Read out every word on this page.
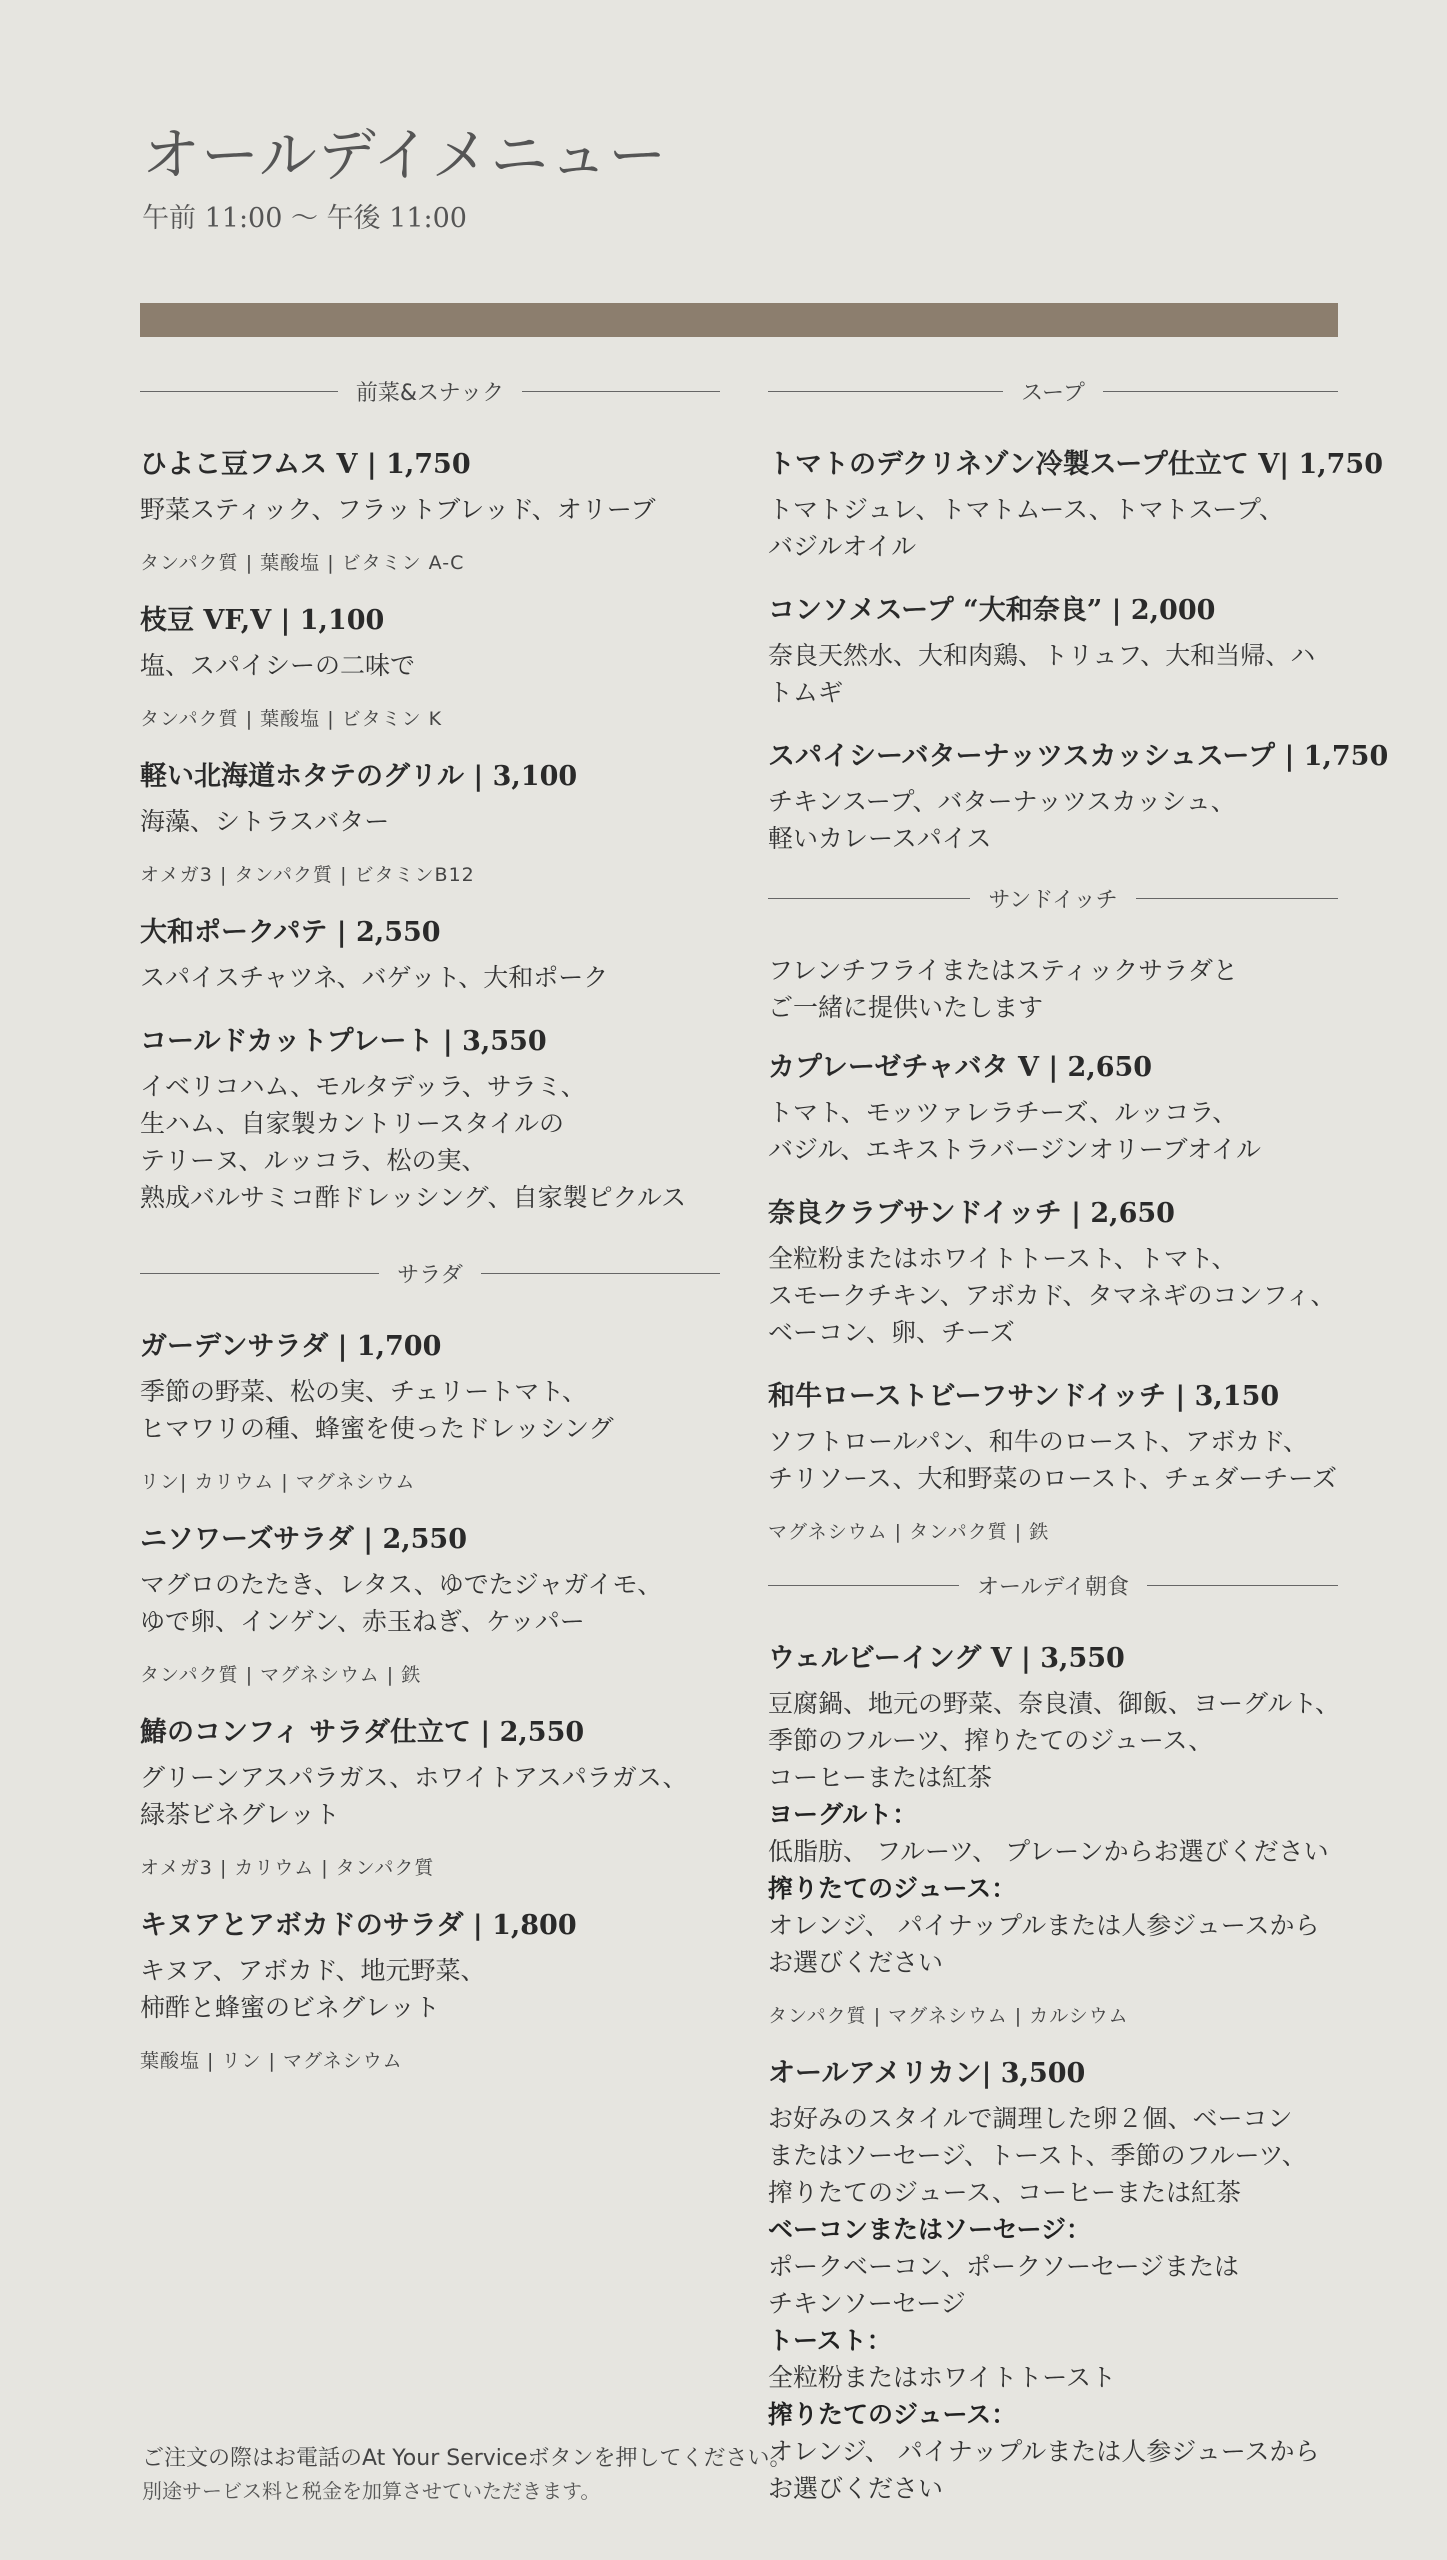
オールデイメニュー
午前 11:00 〜 午後 11:00
前菜&スナック
ひよこ豆フムス V | 1,750
野菜スティック、フラットブレッド、オリーブ
タンパク質 | 葉酸塩 | ビタミン A-C
枝豆 VF,V | 1,100
塩、スパイシーの二味で
タンパク質 | 葉酸塩 | ビタミン K
軽い北海道ホタテのグリル | 3,100
海藻、シトラスバター
オメガ3 | タンパク質 | ビタミンB12
大和ポークパテ | 2,550
スパイスチャツネ、バゲット、大和ポーク
コールドカットプレート | 3,550
イベリコハム、モルタデッラ、サラミ、
生ハム、自家製カントリースタイルの
テリーヌ、ルッコラ、松の実、
熟成バルサミコ酢ドレッシング、自家製ピクルス
サラダ
ガーデンサラダ | 1,700
季節の野菜、松の実、チェリートマト、
ヒマワリの種、蜂蜜を使ったドレッシング
リン| カリウム | マグネシウム
ニソワーズサラダ | 2,550
マグロのたたき、レタス、ゆでたジャガイモ、
ゆで卵、インゲン、赤玉ねぎ、ケッパー
タンパク質 | マグネシウム | 鉄
鰆のコンフィ サラダ仕立て | 2,550
グリーンアスパラガス、ホワイトアスパラガス、
緑茶ビネグレット
オメガ3 | カリウム | タンパク質
キヌアとアボカドのサラダ | 1,800
キヌア、アボカド、地元野菜、
柿酢と蜂蜜のビネグレット
葉酸塩 | リン | マグネシウム
スープ
トマトのデクリネゾン冷製スープ仕立て V| 1,750
トマトジュレ、トマトムース、トマトスープ、
バジルオイル
コンソメスープ “大和奈良” | 2,000
奈良天然水、大和肉鶏、トリュフ、大和当帰、ハトムギ
スパイシーバターナッツスカッシュスープ | 1,750
チキンスープ、バターナッツスカッシュ、
軽いカレースパイス
サンドイッチ
フレンチフライまたはスティックサラダと
ご一緒に提供いたします
カプレーゼチャバタ V | 2,650
トマト、モッツァレラチーズ、ルッコラ、
バジル、エキストラバージンオリーブオイル
奈良クラブサンドイッチ | 2,650
全粒粉またはホワイトトースト、トマト、
スモークチキン、アボカド、タマネギのコンフィ、
ベーコン、卵、チーズ
和牛ローストビーフサンドイッチ | 3,150
ソフトロールパン、和牛のロースト、アボカド、
チリソース、大和野菜のロースト、チェダーチーズ
マグネシウム | タンパク質 | 鉄
オールデイ朝食
ウェルビーイング V | 3,550
豆腐鍋、地元の野菜、奈良漬、御飯、ヨーグルト、
季節のフルーツ、搾りたてのジュース、
コーヒーまたは紅茶
ヨーグルト：
低脂肪、 フルーツ、 プレーンからお選びください
搾りたてのジュース：
オレンジ、 パイナップルまたは人参ジュースから
お選びください
タンパク質 | マグネシウム | カルシウム
オールアメリカン| 3,500
お好みのスタイルで調理した卵２個、ベーコン
またはソーセージ、トースト、季節のフルーツ、
搾りたてのジュース、コーヒーまたは紅茶
ベーコンまたはソーセージ：
ポークベーコン、ポークソーセージまたは
チキンソーセージ
トースト：
全粒粉またはホワイトトースト
搾りたてのジュース：
オレンジ、 パイナップルまたは人参ジュースから
お選びください
ご注文の際はお電話のAt Your Serviceボタンを押してください。
別途サービス料と税金を加算させていただきます。
